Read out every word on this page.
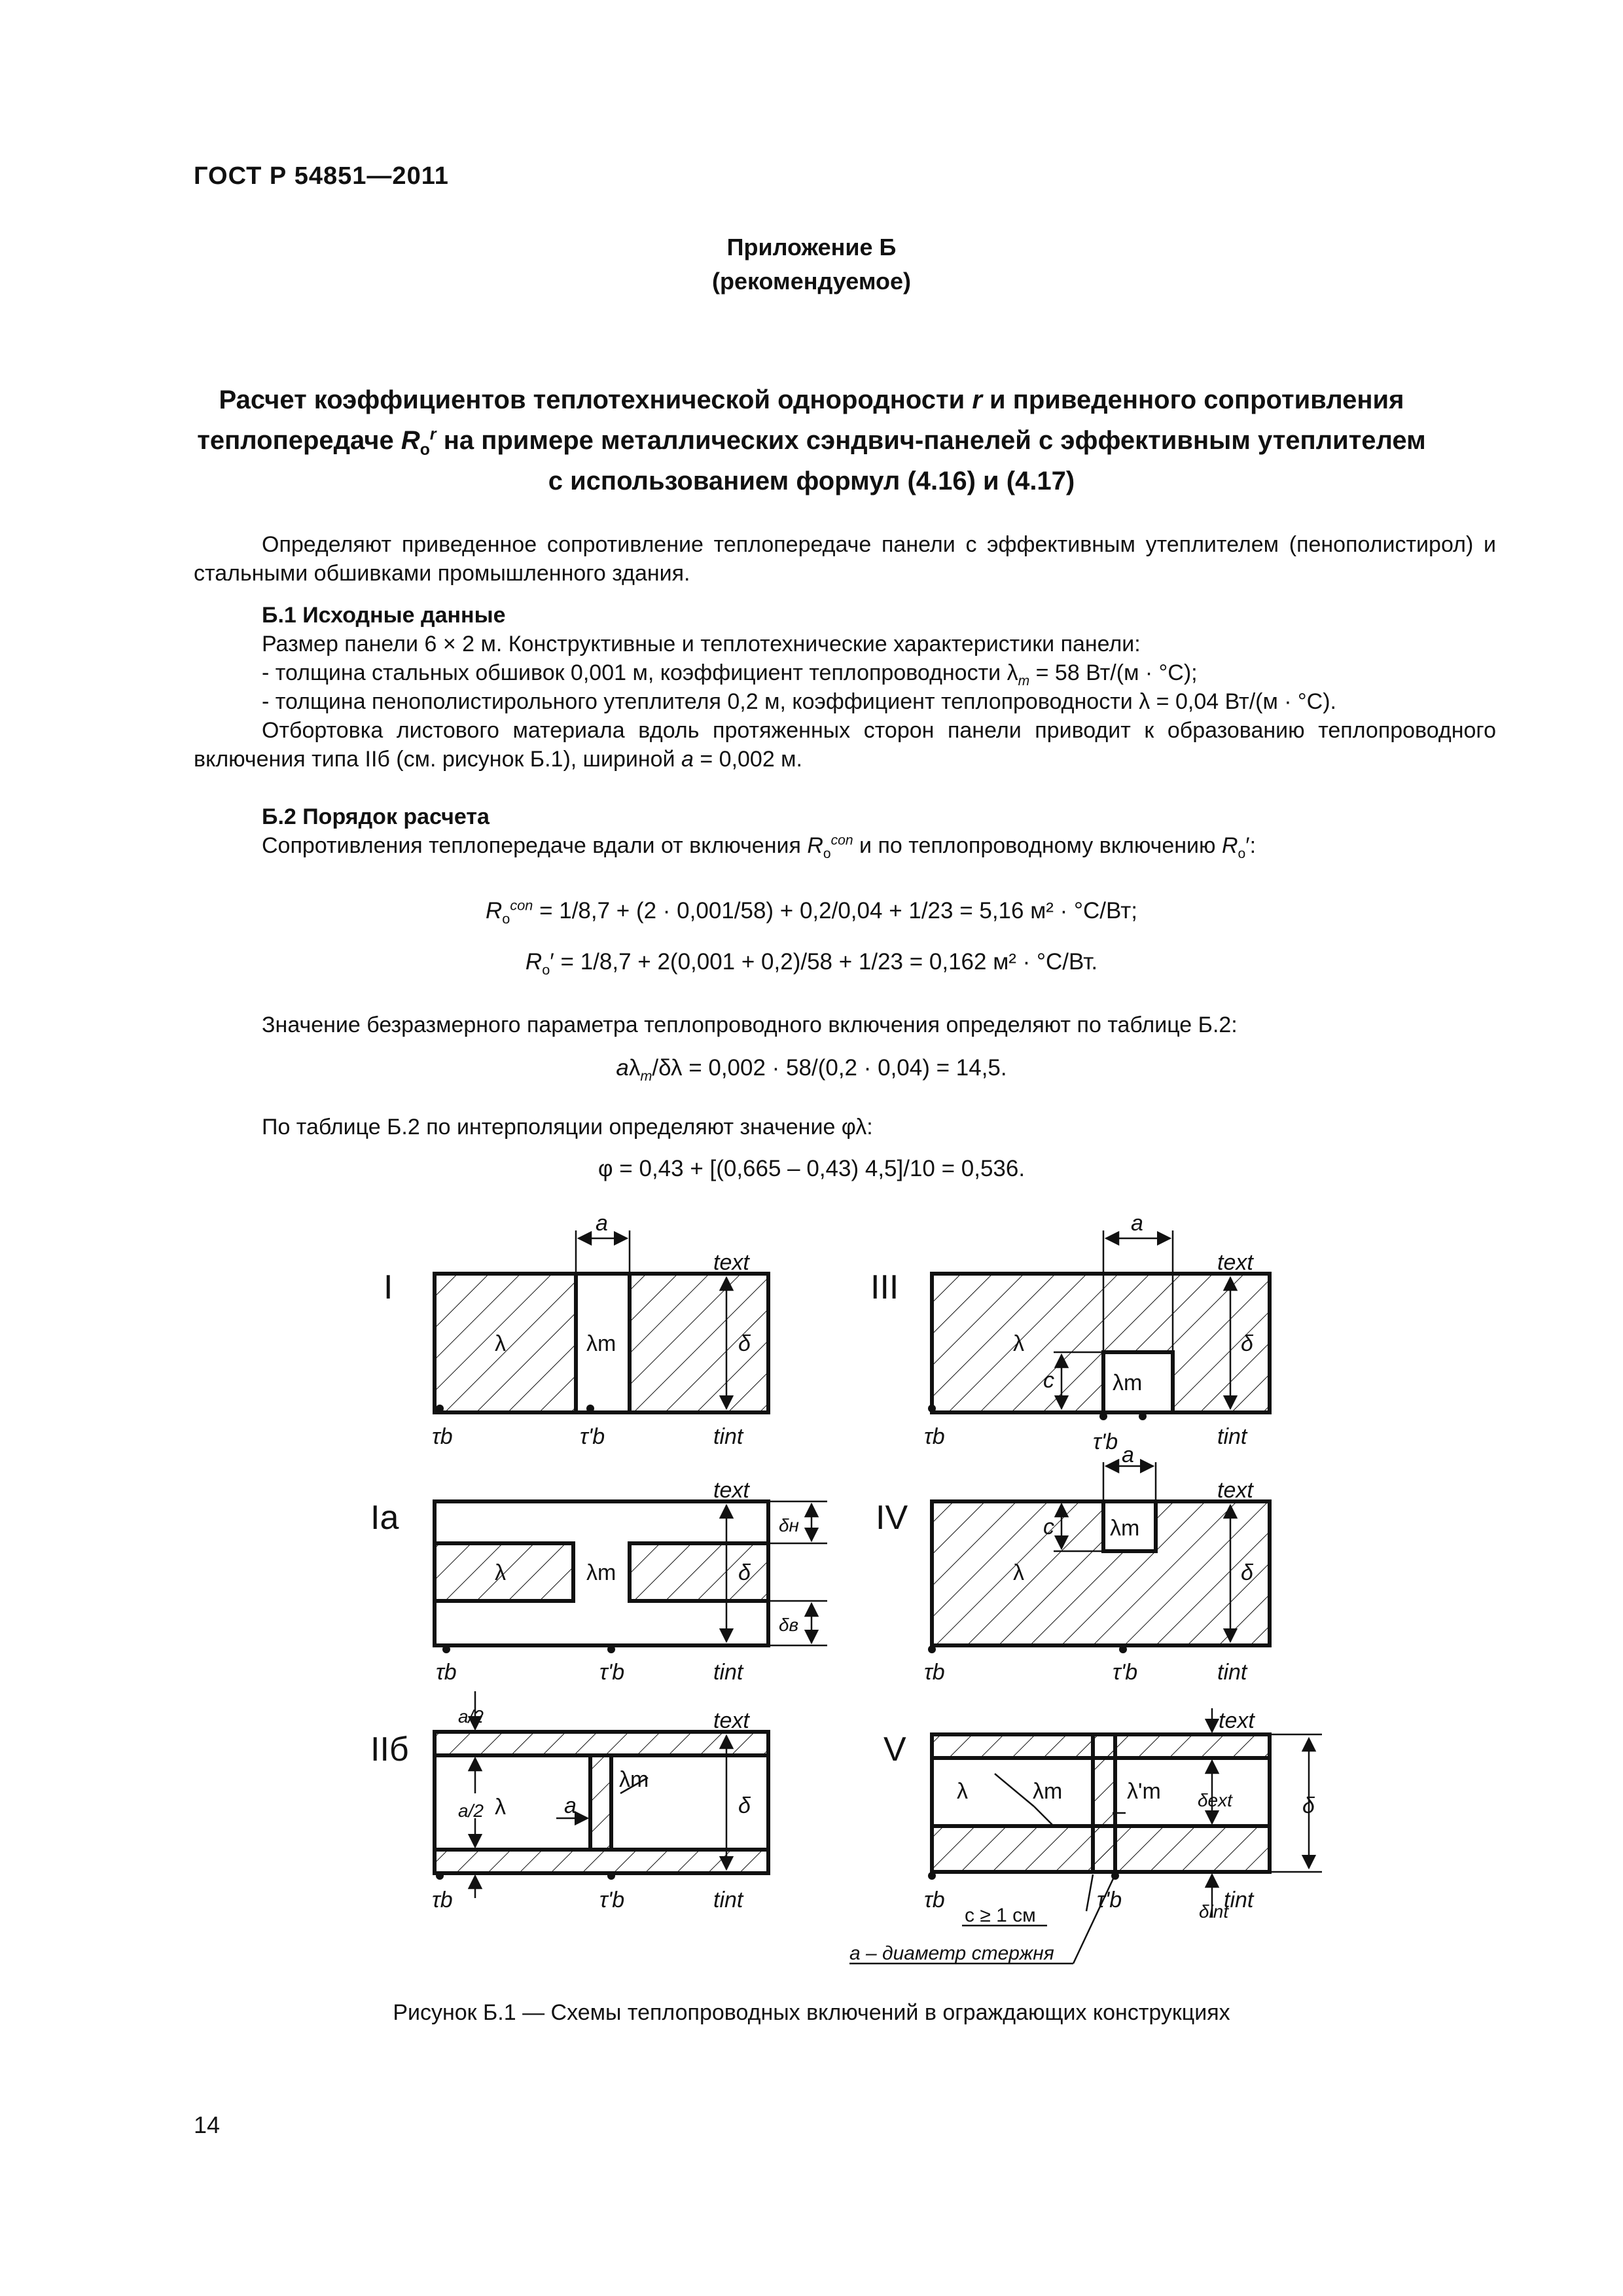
ГОСТ Р 54851—2011
Приложение Б
(рекомендуемое)
Расчет коэффициентов теплотехнической однородности r и приведенного сопротивления
теплопередаче $R_o^r$ на примере металлических сэндвич-панелей с эффективным утеплителем
с использованием формул (4.16) и (4.17)

Определяют приведенное сопротивление теплопередаче панели с эффективным утеплителем (пенополистирол) и стальными обшивками промышленного здания.

Б.1 Исходные данные

Размер панели 6 × 2 м. Конструктивные и теплотехнические характеристики панели:

- толщина стальных обшивок 0,001 м, коэффициент теплопроводности $\lambda_m = 58$ Вт/(м · °С);

- толщина пенополистирольного утеплителя 0,2 м, коэффициент теплопроводности λ = 0,04 Вт/(м · °С).

Отбортовка листового материала вдоль протяженных сторон панели приводит к образованию теплопроводного включения типа IIб (см. рисунок Б.1), шириной a = 0,002 м.

Б.2 Порядок расчета

Сопротивления теплопередаче вдали от включения $R_o^{con}$ и по теплопроводному включению $R_o'$:

$R_o^{con} = 1/8,7 + (2 \cdot 0,001/58) + 0,2/0,04 + 1/23 = 5,16$ м² · °С/Вт;
$R_o' = 1/8,7 + 2(0,001 + 0,2)/58 + 1/23 = 0,162$ м² · °С/Вт.

Значение безразмерного параметра теплопроводного включения определяют по таблице Б.2:

$a\lambda_m/\delta\lambda = 0,002 \cdot 58/(0,2 \cdot 0,04) = 14,5$.

По таблице Б.2 по интерполяции определяют значение φλ:

φ = 0,43 + [(0,665 – 0,43) 4,5]/10 = 0,536.
I
Ia
IIб
III
IV
V
a
text
λ	λm	δ
τb	τ'b	tint
a
text
λ
λm
c
δ
τb	τ'b	tint
text
λ	λm	δ
δн
δв
τb	τ'b	tint
a
text
λm
c
λ	δ
τb	τ'b	tint
text
a/2
a/2 λ	a
λm
δ
τb	τ'b	tint
text
λ	λm	λ'm δext	δ
τb	τ'b	δint
tint
c ≥ 1 см
a – диаметр стержня
Рисунок Б.1 — Схемы теплопроводных включений в ограждающих конструкциях
14
